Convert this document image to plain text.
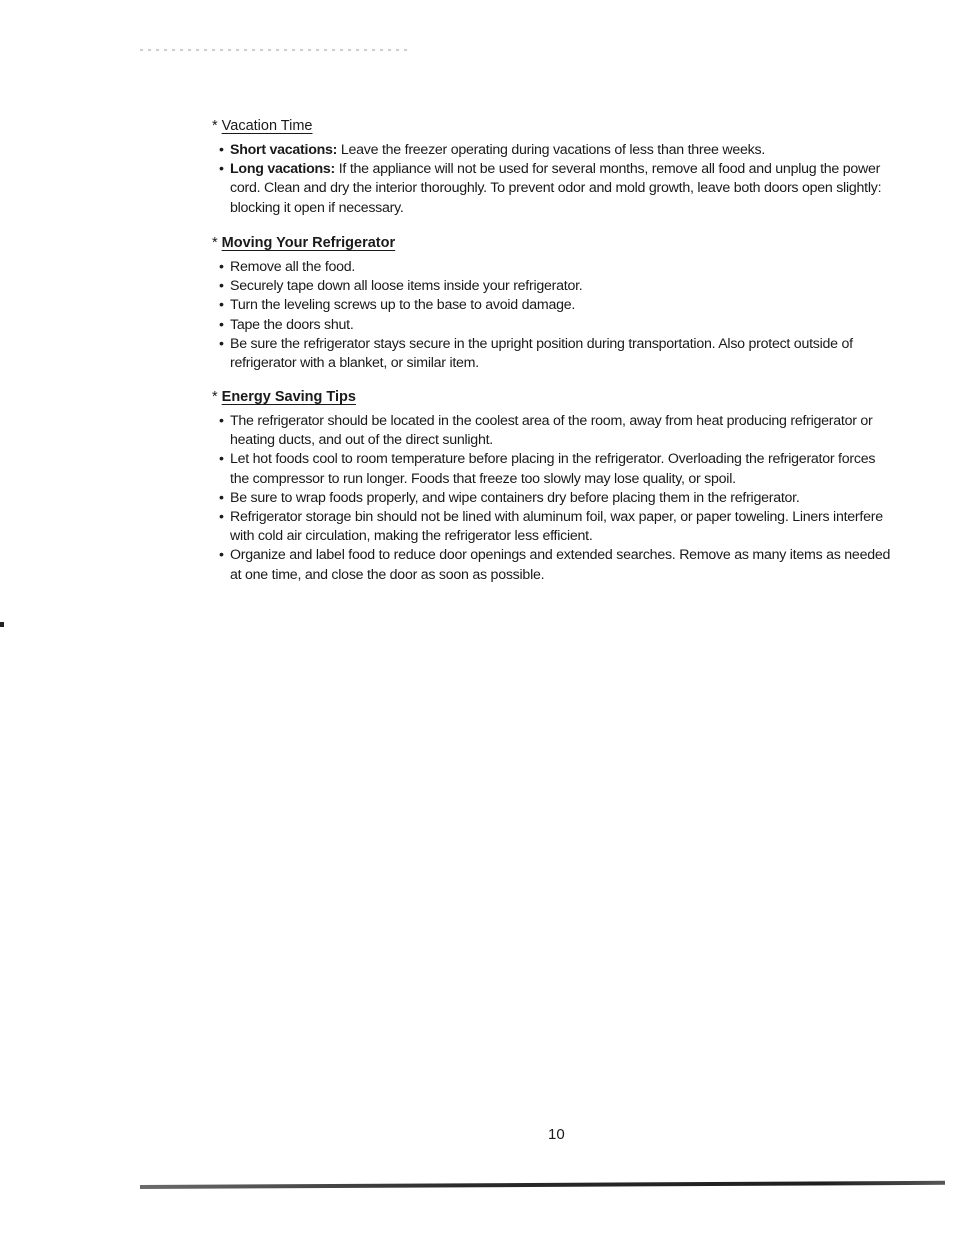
* Vacation Time
• Short vacations: Leave the freezer operating during vacations of less than three weeks.
• Long vacations: If the appliance will not be used for several months, remove all food and unplug the power cord. Clean and dry the interior thoroughly. To prevent odor and mold growth, leave both doors open slightly: blocking it open if necessary.
* Moving Your Refrigerator
• Remove all the food.
• Securely tape down all loose items inside your refrigerator.
• Turn the leveling screws up to the base to avoid damage.
• Tape the doors shut.
• Be sure the refrigerator stays secure in the upright position during transportation. Also protect outside of refrigerator with a blanket, or similar item.
* Energy Saving Tips
• The refrigerator should be located in the coolest area of the room, away from heat producing refrigerator or heating ducts, and out of the direct sunlight.
• Let hot foods cool to room temperature before placing in the refrigerator. Overloading the refrigerator forces the compressor to run longer. Foods that freeze too slowly may lose quality, or spoil.
• Be sure to wrap foods properly, and wipe containers dry before placing them in the refrigerator.
• Refrigerator storage bin should not be lined with aluminum foil, wax paper, or paper toweling. Liners interfere with cold air circulation, making the refrigerator less efficient.
• Organize and label food to reduce door openings and extended searches. Remove as many items as needed at one time, and close the door as soon as possible.
10
